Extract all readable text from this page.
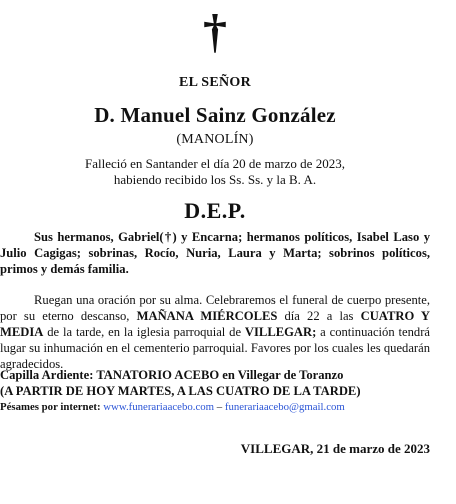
†
EL SEÑOR
D. Manuel Sainz González
(MANOLÍN)
Falleció en Santander el día 20 de marzo de 2023,
habiendo recibido los Ss. Ss. y la B. A.
D.E.P.
Sus hermanos, Gabriel(†) y Encarna; hermanos políticos, Isabel Laso y Julio Cagigas; sobrinas, Rocío, Nuria, Laura y Marta; sobrinos políticos, primos y demás familia.
Ruegan una oración por su alma. Celebraremos el funeral de cuerpo presente, por su eterno descanso, MAÑANA MIÉRCOLES día 22 a las CUATRO Y MEDIA de la tarde, en la iglesia parroquial de VILLEGAR; a continuación tendrá lugar su inhumación en el cementerio parroquial. Favores por los cuales les quedarán agradecidos.
Capilla Ardiente: TANATORIO ACEBO en Villegar de Toranzo
(A PARTIR DE HOY MARTES, A LAS CUATRO DE LA TARDE)
Pésames por internet: www.funerariaacebo.com – funerariaacebo@gmail.com
VILLEGAR, 21 de marzo de 2023
